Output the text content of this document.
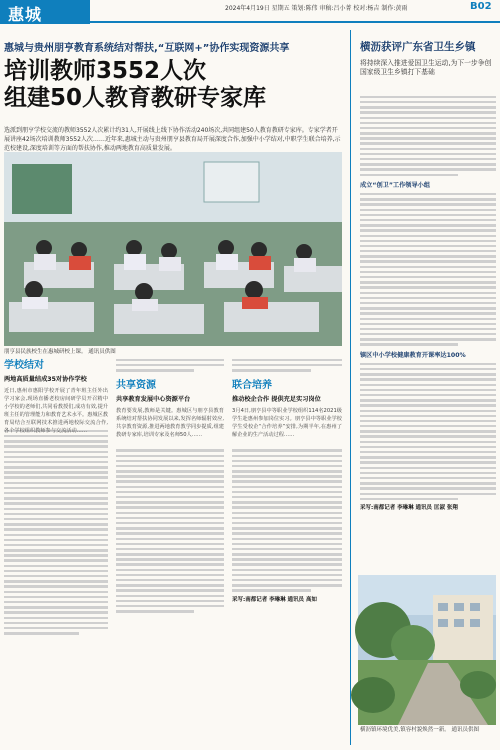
惠城	2024年4月19日 星期五 策划:陈伟 审稿:吕小菁 校对:杨吉 制作:黄雨	B02
惠城与贵州朋亨教育系统结对帮扶,“互联网+”协作实现资源共享
培训教师3552人次
组建50人教育教研专家库
选派到朋亨学校交流的教师3552人次累计约31人,开展线上线下协作活动240场次,共同组建50人教育教研专家库。专家学者开展讲座42场次培训教师3552人次……近年来,惠城主动与贵州朋亨县教育局开展深度合作,加强中小学结对,中职学生联合培养,示范校建设,深度培训等方面的帮扶协作,推动两地教育高质量发展。
朋亨县民族校生在惠城研校上课。 通讯员供图
学校结对
两地高质量结成35对协作学校
近日,惠州市惠阳学校开展了青年班主任外出学习家会,现场直播老校房间研学员开召精中小学校的老师们,共同看教授们,成功有效,提升班主任的管理能力和教育艺术水平。惠城区教育局结合互联网技术推进两地校际交流合作,各个学校组织教师参与交流活动……
共享资源
共享教育发展中心资源平台
教育要发展,教师是关键。惠城区与朋亨县教育系统结对帮扶协同发展以来,发挥名师辐射效应,共享教育资源,推进两地教育教学同步提质,组建教研专家库,培训专家及名师50人……
联合培养
推动校企合作 提供充足实习岗位
3月4日,朋亨县中等职业学校组织114名2021级学生赴惠州参加岗位实习。朋亨县中等职业学校学生受校企“合作培养”安排,为期半年,在惠州了解企业的生产活动过程……
采写:南都记者 李琳琳 通讯员 高如
横沥获评广东省卫生乡镇
将持续深入推进爱国卫生运动,为下一步争创国家级卫生乡镇打下基础
成立“创卫”工作领导小组
镇区中小学校健康教育开课率达100%
采写:南都记者 李琳琳 通讯员 匡淑 张翔
横沥镇环境优美,镇容村貌焕然一新。 通讯员供图
